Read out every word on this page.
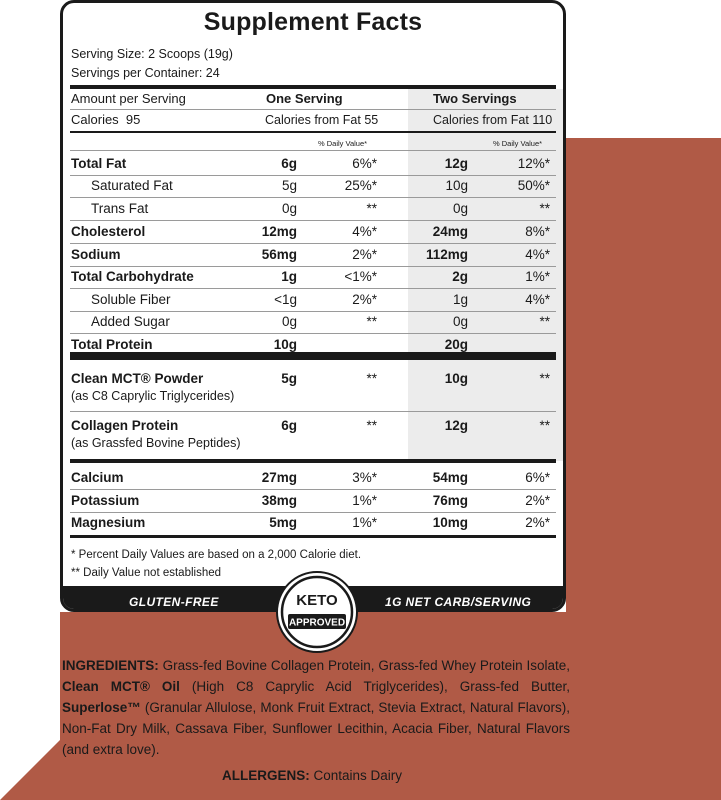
Supplement Facts
Serving Size: 2 Scoops (19g)
Servings per Container: 24
Amount per Serving	One Serving	Two Servings
Calories 95	Calories from Fat 55	Calories from Fat 110
% Daily Value*	% Daily Value*
Total Fat	6g	6%*	12g	12%*
Saturated Fat	5g	25%*	10g	50%*
Trans Fat	0g	**	0g	**
Cholesterol	12mg	4%*	24mg	8%*
Sodium	56mg	2%*	112mg	4%*
Total Carbohydrate	1g	<1%*	2g	1%*
Soluble Fiber	<1g	2%*	1g	4%*
Added Sugar	0g	**	0g	**
Total Protein	10g	20g
Clean MCT® Powder	5g	**	10g	**
(as C8 Caprylic Triglycerides)
Collagen Protein	6g	**	12g	**
(as Grassfed Bovine Peptides)
Calcium	27mg	3%*	54mg	6%*
Potassium	38mg	1%*	76mg	2%*
Magnesium	5mg	1%*	10mg	2%*
* Percent Daily Values are based on a 2,000 Calorie diet.
** Daily Value not established
GLUTEN-FREE	1G NET CARB/SERVING
KETO
APPROVED
INGREDIENTS: Grass-fed Bovine Collagen Protein, Grass-fed Whey Protein Isolate, Clean MCT® Oil (High C8 Caprylic Acid Triglycerides), Grass-fed Butter, Superlose™ (Granular Allulose, Monk Fruit Extract, Stevia Extract, Natural Flavors), Non-Fat Dry Milk, Cassava Fiber, Sunflower Lecithin, Acacia Fiber, Natural Flavors (and extra love).
ALLERGENS: Contains Dairy
